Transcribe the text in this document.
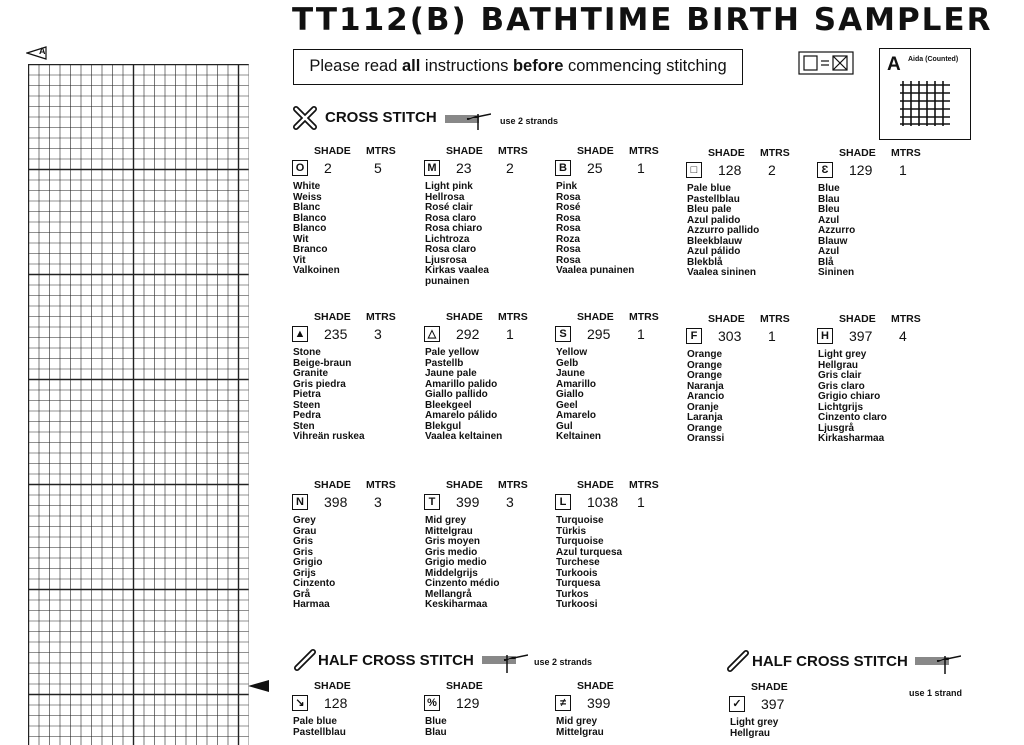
A
TT112(B) BATHTIME BIRTH SAMPLER
Please read all instructions before commencing stitching	A Aida (Counted)
CROSS STITCH	use 2 strands
SHADE MTRS
O 2	5
White
Weiss
Blanc
Blanco
Blanco
Wit
Branco
Vit
Valkoinen
SHADE MTRS
M 23 2
Light pink
Hellrosa
Rosé clair
Rosa claro
Rosa chiaro
Lichtroza
Rosa claro
Ljusrosa
Kirkas vaalea
punainen
SHADE MTRS
B 25 1
Pink
Rosa
Rosé
Rosa
Rosa
Roza
Rosa
Rosa
Vaalea punainen
SHADE MTRS
□	128 2
Pale blue
Pastellblau
Bleu pale
Azul palido
Azzurro pallido
Bleekblauw
Azul pálido
Blekblå
Vaalea sininen
SHADE MTRS
Ɛ	129 1
Blue
Blau
Bleu
Azul
Azzurro
Blauw
Azul
Blå
Sininen
SHADE MTRS
▲ 235 3
Stone
Beige-braun
Granite
Gris piedra
Pietra
Steen
Pedra
Sten
Vihreän ruskea
SHADE MTRS
△ 292 1
Pale yellow
Pastellb
Jaune pale
Amarillo palido
Giallo pallido
Bleekgeel
Amarelo pálido
Blekgul
Vaalea keltainen
SHADE MTRS
S	295 1
Yellow
Gelb
Jaune
Amarillo
Giallo
Geel
Amarelo
Gul
Keltainen
SHADE MTRS
F	303 1
Orange
Orange
Orange
Naranja
Arancio
Oranje
Laranja
Orange
Oranssi
SHADE MTRS
H 397 4
Light grey
Hellgrau
Gris clair
Gris claro
Grigio chiaro
Lichtgrijs
Cinzento claro
Ljusgrå
Kirkasharmaa
SHADE MTRS
N 398 3
Grey
Grau
Gris
Gris
Grigio
Grijs
Cinzento
Grå
Harmaa
SHADE MTRS
T	399 3
Mid grey
Mittelgrau
Gris moyen
Gris medio
Grigio medio
Middelgrijs
Cinzento médio
Mellangrå
Keskiharmaa
SHADE MTRS
L	1038 1
Turquoise
Türkis
Turquoise
Azul turquesa
Turchese
Turkoois
Turquesa
Turkos
Turkoosi
HALF CROSS STITCH	use 2 strands	HALF CROSS STITCH
use 1 strand
SHADE
↘ 128
Pale blue
Pastellblau
SHADE
% 129
Blue
Blau
SHADE
≠	399
Mid grey
Mittelgrau
SHADE
✓ 397
Light grey
Hellgrau
